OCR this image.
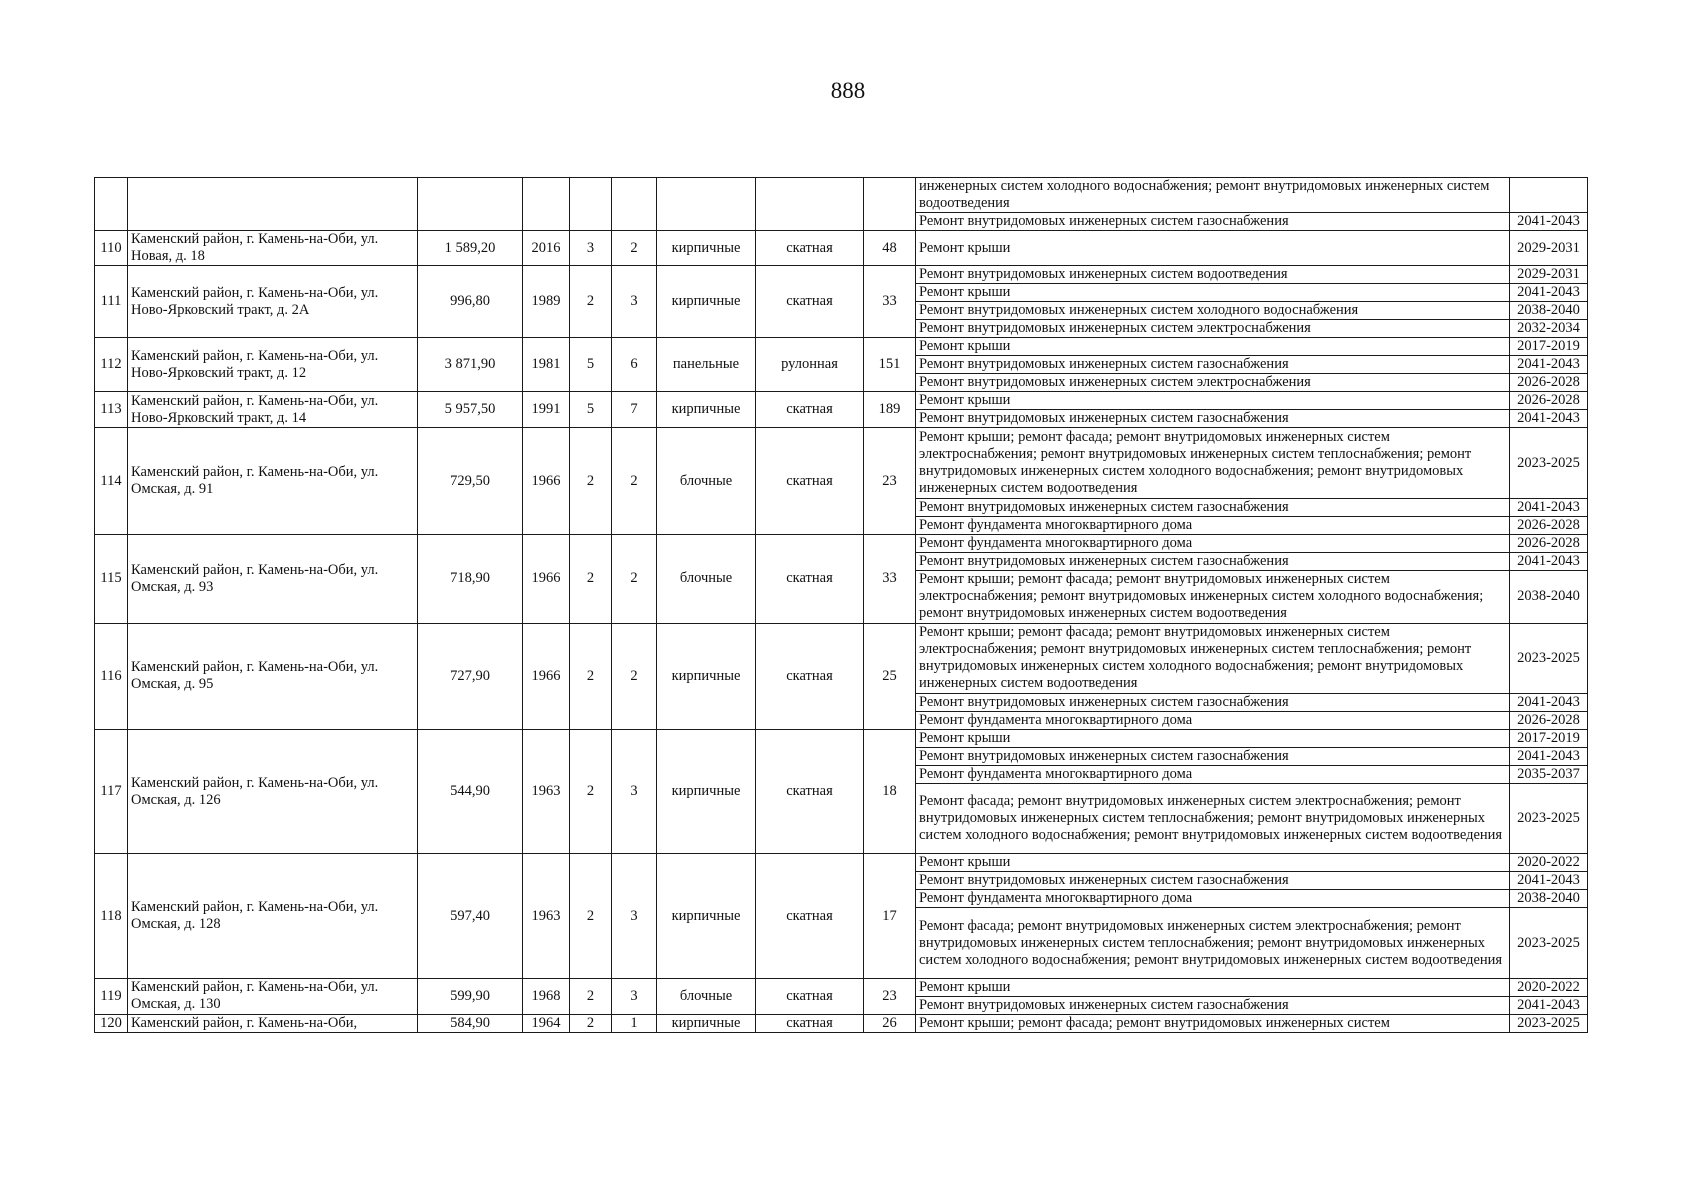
888
									инженерных систем холодного водоснабжения; ремонт внутридомовых инженерных систем водоотведения	
									Ремонт внутридомовых инженерных систем газоснабжения	2041-2043
110	Каменский район, г. Камень-на-Оби, ул. Новая, д. 18	1 589,20	2016	3	2	кирпичные	скатная	48	Ремонт крыши	2029-2031
111	Каменский район, г. Камень-на-Оби, ул. Ново-Ярковский тракт, д. 2А	996,80	1989	2	3	кирпичные	скатная	33	Ремонт внутридомовых инженерных систем водоотведения	2029-2031
									Ремонт крыши	2041-2043
									Ремонт внутридомовых инженерных систем холодного водоснабжения	2038-2040
									Ремонт внутридомовых инженерных систем электроснабжения	2032-2034
112	Каменский район, г. Камень-на-Оби, ул. Ново-Ярковский тракт, д. 12	3 871,90	1981	5	6	панельные	рулонная	151	Ремонт крыши	2017-2019
									Ремонт внутридомовых инженерных систем газоснабжения	2041-2043
									Ремонт внутридомовых инженерных систем электроснабжения	2026-2028
113	Каменский район, г. Камень-на-Оби, ул. Ново-Ярковский тракт, д. 14	5 957,50	1991	5	7	кирпичные	скатная	189	Ремонт крыши	2026-2028
									Ремонт внутридомовых инженерных систем газоснабжения	2041-2043
114	Каменский район, г. Камень-на-Оби, ул. Омская, д. 91	729,50	1966	2	2	блочные	скатная	23	Ремонт крыши; ремонт фасада; ремонт внутридомовых инженерных систем электроснабжения; ремонт внутридомовых инженерных систем теплоснабжения; ремонт внутридомовых инженерных систем холодного водоснабжения; ремонт внутридомовых инженерных систем водоотведения	2023-2025
									Ремонт внутридомовых инженерных систем газоснабжения	2041-2043
									Ремонт фундамента многоквартирного дома	2026-2028
115	Каменский район, г. Камень-на-Оби, ул. Омская, д. 93	718,90	1966	2	2	блочные	скатная	33	Ремонт фундамента многоквартирного дома	2026-2028
									Ремонт внутридомовых инженерных систем газоснабжения	2041-2043
									Ремонт крыши; ремонт фасада; ремонт внутридомовых инженерных систем электроснабжения; ремонт внутридомовых инженерных систем холодного водоснабжения; ремонт внутридомовых инженерных систем водоотведения	2038-2040
116	Каменский район, г. Камень-на-Оби, ул. Омская, д. 95	727,90	1966	2	2	кирпичные	скатная	25	Ремонт крыши; ремонт фасада; ремонт внутридомовых инженерных систем электроснабжения; ремонт внутридомовых инженерных систем теплоснабжения; ремонт внутридомовых инженерных систем холодного водоснабжения; ремонт внутридомовых инженерных систем водоотведения	2023-2025
									Ремонт внутридомовых инженерных систем газоснабжения	2041-2043
									Ремонт фундамента многоквартирного дома	2026-2028
117	Каменский район, г. Камень-на-Оби, ул. Омская, д. 126	544,90	1963	2	3	кирпичные	скатная	18	Ремонт крыши	2017-2019
									Ремонт внутридомовых инженерных систем газоснабжения	2041-2043
									Ремонт фундамента многоквартирного дома	2035-2037
									Ремонт фасада; ремонт внутридомовых инженерных систем электроснабжения; ремонт внутридомовых инженерных систем теплоснабжения; ремонт внутридомовых инженерных систем холодного водоснабжения; ремонт внутридомовых инженерных систем водоотведения	2023-2025
118	Каменский район, г. Камень-на-Оби, ул. Омская, д. 128	597,40	1963	2	3	кирпичные	скатная	17	Ремонт крыши	2020-2022
									Ремонт внутридомовых инженерных систем газоснабжения	2041-2043
									Ремонт фундамента многоквартирного дома	2038-2040
									Ремонт фасада; ремонт внутридомовых инженерных систем электроснабжения; ремонт внутридомовых инженерных систем теплоснабжения; ремонт внутридомовых инженерных систем холодного водоснабжения; ремонт внутридомовых инженерных систем водоотведения	2023-2025
119	Каменский район, г. Камень-на-Оби, ул. Омская, д. 130	599,90	1968	2	3	блочные	скатная	23	Ремонт крыши	2020-2022
									Ремонт внутридомовых инженерных систем газоснабжения	2041-2043
120	Каменский район, г. Камень-на-Оби,	584,90	1964	2	1	кирпичные	скатная	26	Ремонт крыши; ремонт фасада; ремонт внутридомовых инженерных систем	2023-2025
